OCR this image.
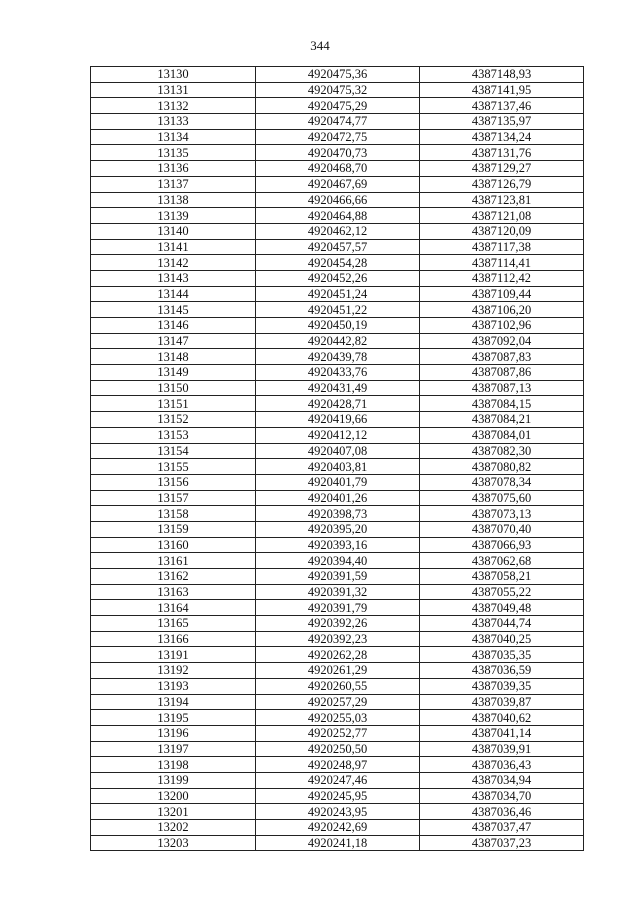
344
13130	4920475,36	4387148,93
13131	4920475,32	4387141,95
13132	4920475,29	4387137,46
13133	4920474,77	4387135,97
13134	4920472,75	4387134,24
13135	4920470,73	4387131,76
13136	4920468,70	4387129,27
13137	4920467,69	4387126,79
13138	4920466,66	4387123,81
13139	4920464,88	4387121,08
13140	4920462,12	4387120,09
13141	4920457,57	4387117,38
13142	4920454,28	4387114,41
13143	4920452,26	4387112,42
13144	4920451,24	4387109,44
13145	4920451,22	4387106,20
13146	4920450,19	4387102,96
13147	4920442,82	4387092,04
13148	4920439,78	4387087,83
13149	4920433,76	4387087,86
13150	4920431,49	4387087,13
13151	4920428,71	4387084,15
13152	4920419,66	4387084,21
13153	4920412,12	4387084,01
13154	4920407,08	4387082,30
13155	4920403,81	4387080,82
13156	4920401,79	4387078,34
13157	4920401,26	4387075,60
13158	4920398,73	4387073,13
13159	4920395,20	4387070,40
13160	4920393,16	4387066,93
13161	4920394,40	4387062,68
13162	4920391,59	4387058,21
13163	4920391,32	4387055,22
13164	4920391,79	4387049,48
13165	4920392,26	4387044,74
13166	4920392,23	4387040,25
13191	4920262,28	4387035,35
13192	4920261,29	4387036,59
13193	4920260,55	4387039,35
13194	4920257,29	4387039,87
13195	4920255,03	4387040,62
13196	4920252,77	4387041,14
13197	4920250,50	4387039,91
13198	4920248,97	4387036,43
13199	4920247,46	4387034,94
13200	4920245,95	4387034,70
13201	4920243,95	4387036,46
13202	4920242,69	4387037,47
13203	4920241,18	4387037,23
